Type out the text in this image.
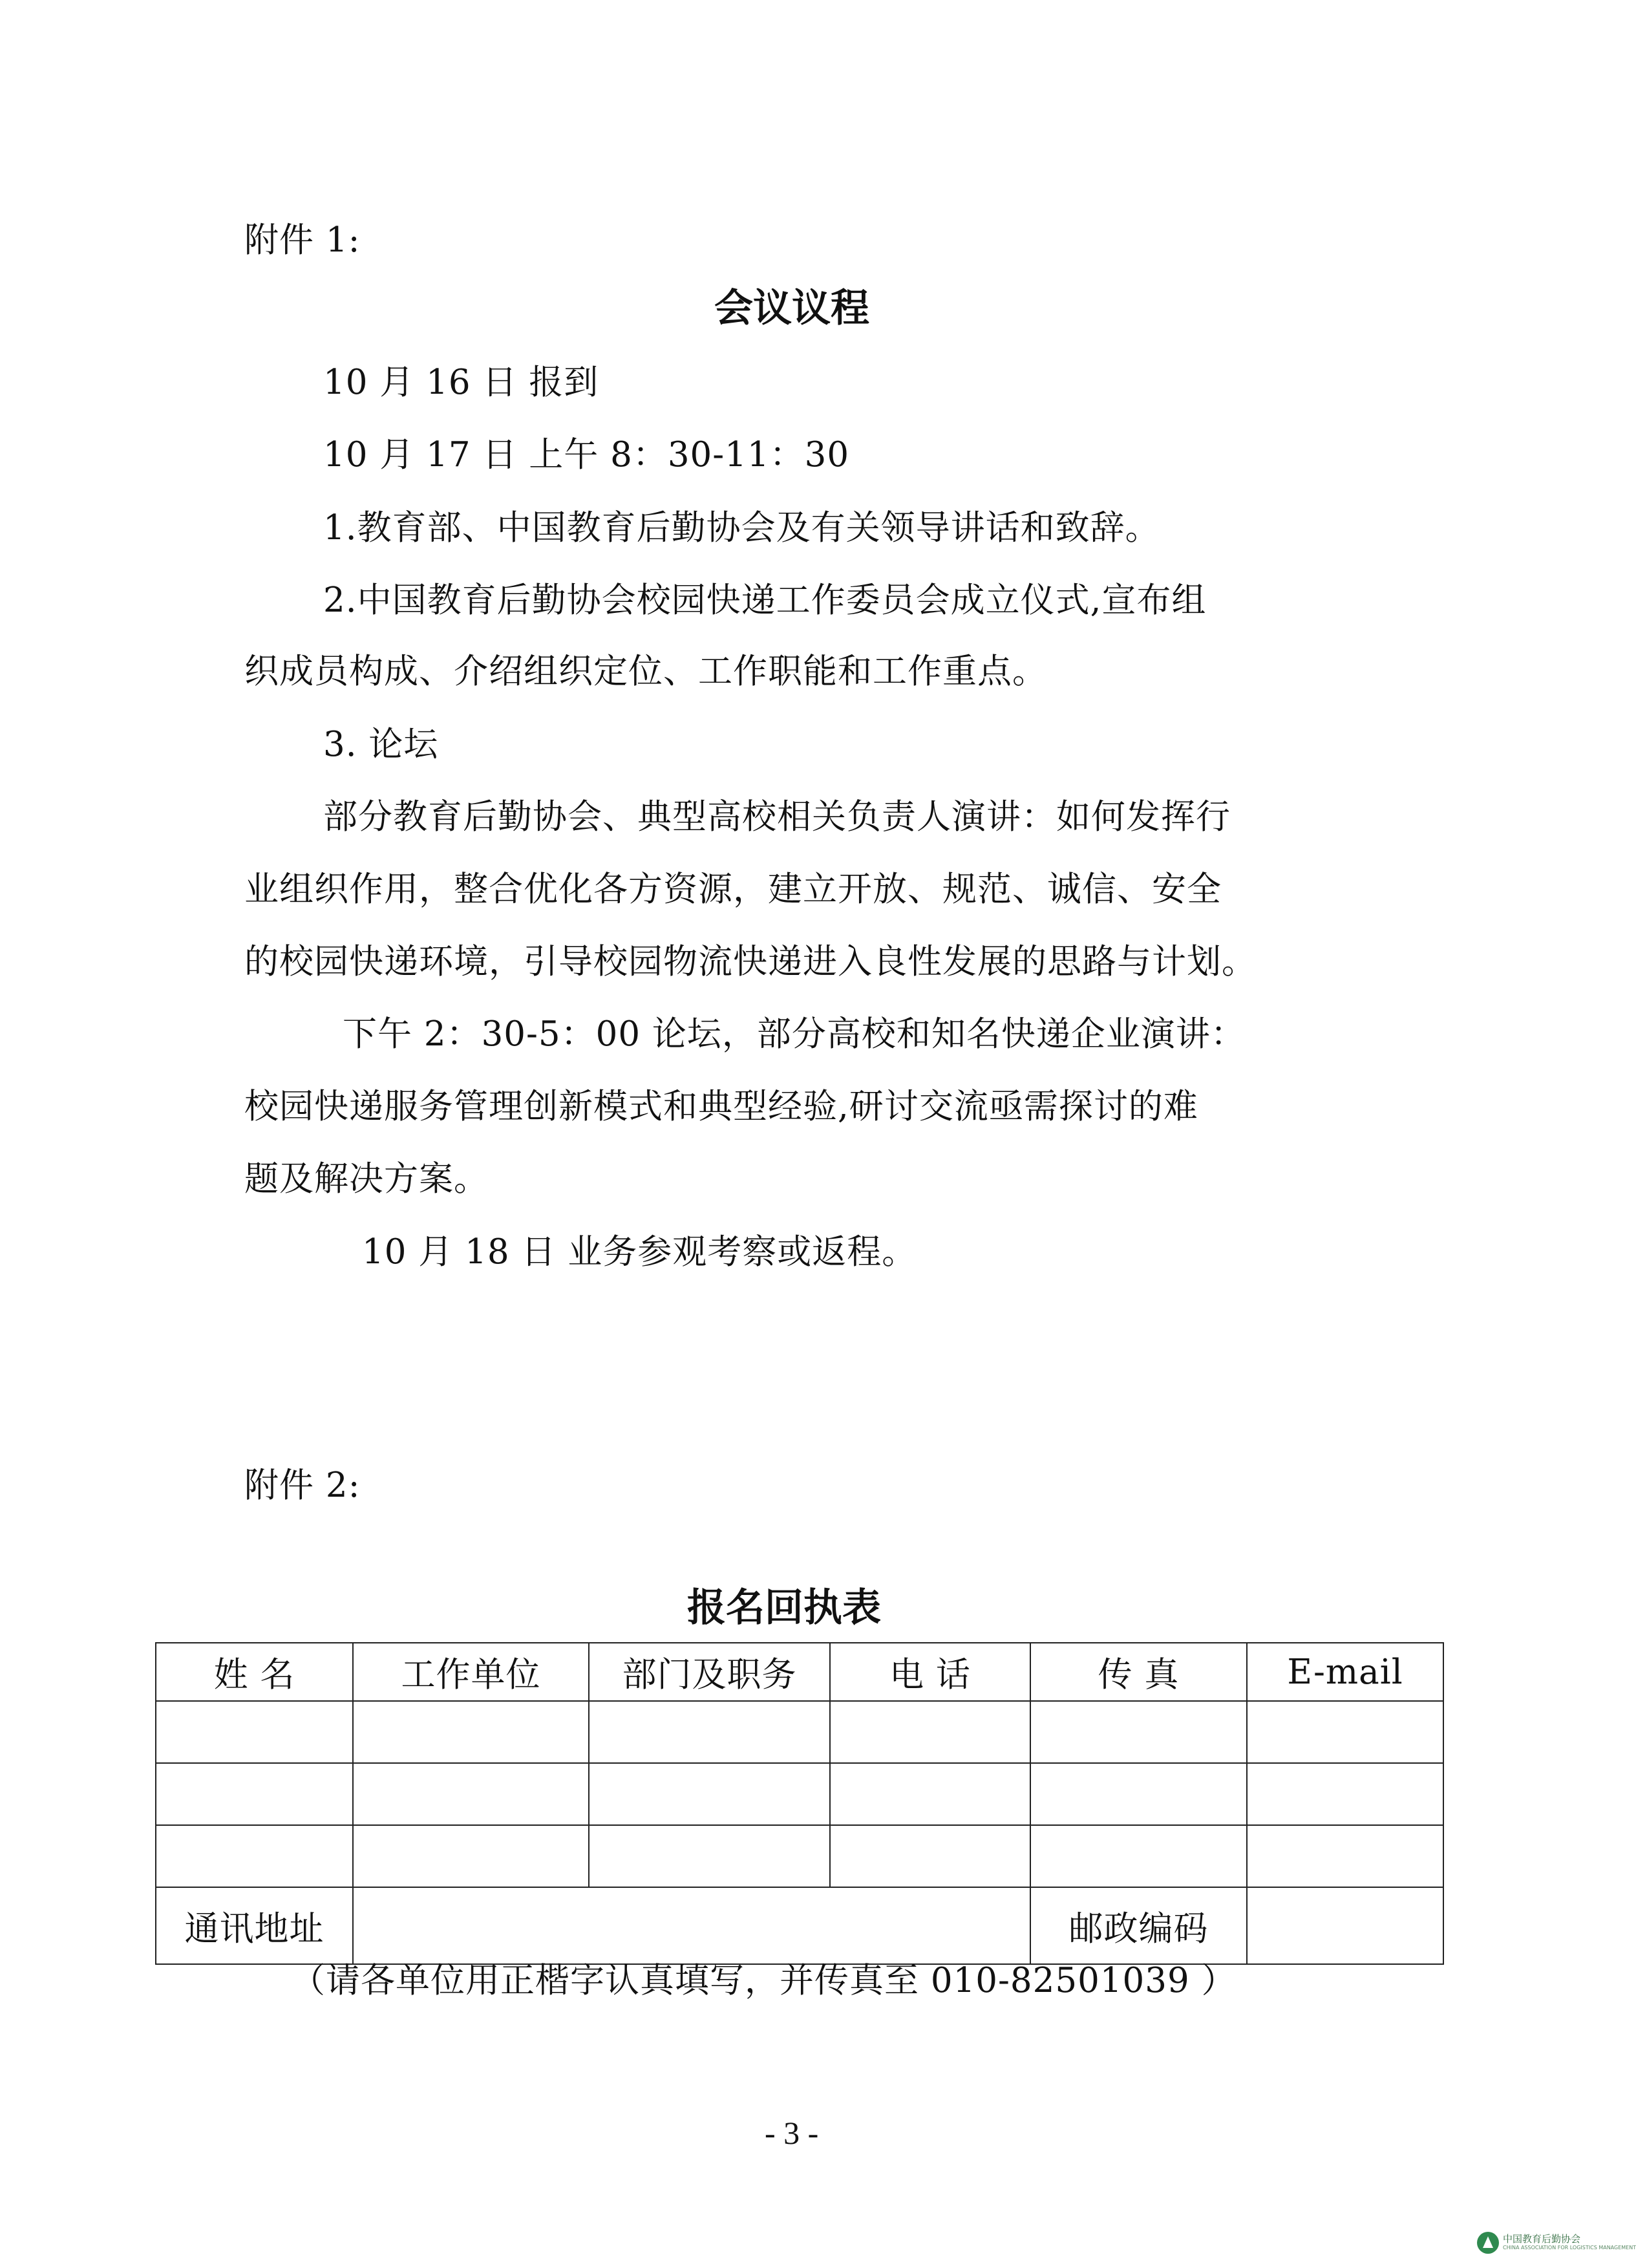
附件 1:
会议议程
10 月 16 日 报到
10 月 17 日 上午 8：30-11：30
1.教育部、中国教育后勤协会及有关领导讲话和致辞。
2.中国教育后勤协会校园快递工作委员会成立仪式,宣布组
织成员构成、介绍组织定位、工作职能和工作重点。
3. 论坛
部分教育后勤协会、典型高校相关负责人演讲：如何发挥行
业组织作用，整合优化各方资源，建立开放、规范、诚信、安全
的校园快递环境，引导校园物流快递进入良性发展的思路与计划。
下午 2：30-5：00 论坛，部分高校和知名快递企业演讲：
校园快递服务管理创新模式和典型经验,研讨交流亟需探讨的难
题及解决方案。
10 月 18 日 业务参观考察或返程。
附件 2:
报名回执表
姓 名	工作单位	部门及职务	电 话	传 真	E-mail

通讯地址				邮政编码	
（请各单位用正楷字认真填写，并传真至 010-82501039 ）
- 3 -
中国教育后勤协会
CHINA ASSOCIATION FOR LOGISTICS MANAGEMENT
